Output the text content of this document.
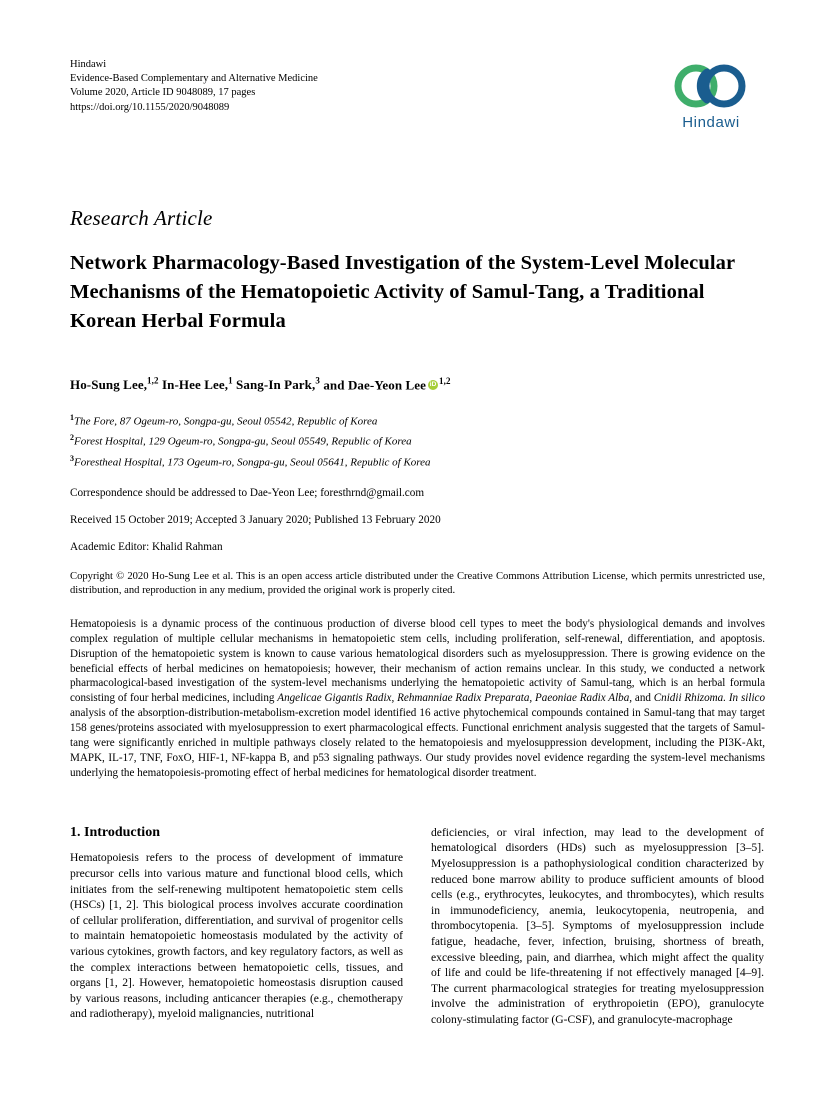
Hindawi
Evidence-Based Complementary and Alternative Medicine
Volume 2020, Article ID 9048089, 17 pages
https://doi.org/10.1155/2020/9048089
Hindawi
Research Article
Network Pharmacology-Based Investigation of the System-Level Molecular Mechanisms of the Hematopoietic Activity of Samul-Tang, a Traditional Korean Herbal Formula
Ho-Sung Lee,$^{1,2}$ In-Hee Lee,$^1$ Sang-In Park,$^3$ and Dae-Yeon Lee iD $^{1,2}$
$^1$The Fore, 87 Ogeum-ro, Songpa-gu, Seoul 05542, Republic of Korea
$^2$Forest Hospital, 129 Ogeum-ro, Songpa-gu, Seoul 05549, Republic of Korea
$^3$Forestheal Hospital, 173 Ogeum-ro, Songpa-gu, Seoul 05641, Republic of Korea
Correspondence should be addressed to Dae-Yeon Lee; foresthrnd@gmail.com
Received 15 October 2019; Accepted 3 January 2020; Published 13 February 2020
Academic Editor: Khalid Rahman
Copyright © 2020 Ho-Sung Lee et al. This is an open access article distributed under the Creative Commons Attribution License, which permits unrestricted use, distribution, and reproduction in any medium, provided the original work is properly cited.
Hematopoiesis is a dynamic process of the continuous production of diverse blood cell types to meet the body's physiological demands and involves complex regulation of multiple cellular mechanisms in hematopoietic stem cells, including proliferation, self-renewal, differentiation, and apoptosis. Disruption of the hematopoietic system is known to cause various hematological disorders such as myelosuppression. There is growing evidence on the beneficial effects of herbal medicines on hematopoiesis; however, their mechanism of action remains unclear. In this study, we conducted a network pharmacological-based investigation of the system-level mechanisms underlying the hematopoietic activity of Samul-tang, which is an herbal formula consisting of four herbal medicines, including Angelicae Gigantis Radix, Rehmanniae Radix Preparata, Paeoniae Radix Alba, and Cnidii Rhizoma. In silico analysis of the absorption-distribution-metabolism-excretion model identified 16 active phytochemical compounds contained in Samul-tang that may target 158 genes/proteins associated with myelosuppression to exert pharmacological effects. Functional enrichment analysis suggested that the targets of Samul-tang were significantly enriched in multiple pathways closely related to the hematopoiesis and myelosuppression development, including the PI3K-Akt, MAPK, IL-17, TNF, FoxO, HIF-1, NF-kappa B, and p53 signaling pathways. Our study provides novel evidence regarding the system-level mechanisms underlying the hematopoiesis-promoting effect of herbal medicines for hematological disorder treatment.
1. Introduction

Hematopoiesis refers to the process of development of immature precursor cells into various mature and functional blood cells, which initiates from the self-renewing multipotent hematopoietic stem cells (HSCs) [1, 2]. This biological process involves accurate coordination of cellular proliferation, differentiation, and survival of progenitor cells to maintain hematopoietic homeostasis modulated by the activity of various cytokines, growth factors, and key regulatory factors, as well as the complex interactions between hematopoietic cells, tissues, and organs [1, 2]. However, hematopoietic homeostasis disruption caused by various reasons, including anticancer therapies (e.g., chemotherapy and radiotherapy), myeloid malignancies, nutritional

deficiencies, or viral infection, may lead to the development of hematological disorders (HDs) such as myelosuppression [3–5]. Myelosuppression is a pathophysiological condition characterized by reduced bone marrow ability to produce sufficient amounts of blood cells (e.g., erythrocytes, leukocytes, and thrombocytes), which results in immunodeficiency, anemia, leukocytopenia, neutropenia, and thrombocytopenia. [3–5]. Symptoms of myelosuppression include fatigue, headache, fever, infection, bruising, shortness of breath, excessive bleeding, pain, and diarrhea, which might affect the quality of life and could be life-threatening if not effectively managed [4–9]. The current pharmacological strategies for treating myelosuppression involve the administration of erythropoietin (EPO), granulocyte colony-stimulating factor (G-CSF), and granulocyte-macrophage
